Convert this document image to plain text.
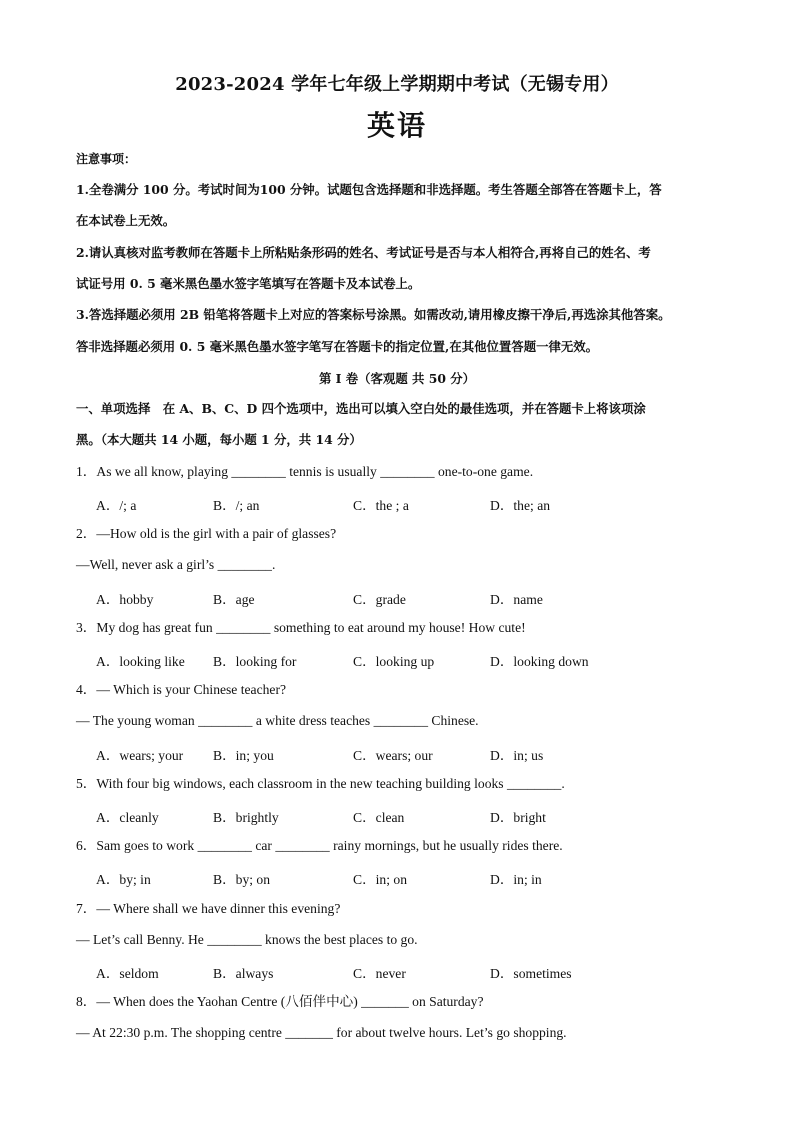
2023-2024 学年七年级上学期期中考试（无锡专用）
英语
注意事项：
1.全卷满分 100 分。考试时间为100 分钟。试题包含选择题和非选择题。考生答题全部答在答题卡上，答
在本试卷上无效。
2.请认真核对监考教师在答题卡上所粘贴条形码的姓名、考试证号是否与本人相符合,再将自己的姓名、考
试证号用 0. 5 毫米黑色墨水签字笔填写在答题卡及本试卷上。
3.答选择题必须用 2B 铅笔将答题卡上对应的答案标号涂黑。如需改动,请用橡皮擦干净后,再选涂其他答案。
答非选择题必须用 0. 5 毫米黑色墨水签字笔写在答题卡的指定位置,在其他位置答题一律无效。
第 I 卷（客观题 共 50 分）
一、单项选择　在 A、B、C、D 四个选项中，选出可以填入空白处的最佳选项，并在答题卡上将该项涂
黑。（本大题共 14 小题，每小题 1 分，共 14 分）
1．As we all know, playing ________ tennis is usually ________ one-to-one game.
A．/; a	B．/; an	C．the ; a	D．the; an
2．—How old is the girl with a pair of glasses?
—Well, never ask a girl’s ________.
A．hobby	B．age	C．grade	D．name
3．My dog has great fun ________ something to eat around my house! How cute!
A．looking like B．looking for	C．looking up	D．looking down
4．— Which is your Chinese teacher?
— The young woman ________ a white dress teaches ________ Chinese.
A．wears; your B．in; you	C．wears; our	D．in; us
5．With four big windows, each classroom in the new teaching building looks ________.
A．cleanly	B．brightly	C．clean	D．bright
6．Sam goes to work ________ car ________ rainy mornings, but he usually rides there.
A．by; in	B．by; on	C．in; on	D．in; in
7．— Where shall we have dinner this evening?
— Let’s call Benny. He ________ knows the best places to go.
A．seldom	B．always	C．never	D．sometimes
8．— When does the Yaohan Centre (八佰伴中心) _______ on Saturday?
— At 22:30 p.m. The shopping centre _______ for about twelve hours. Let’s go shopping.
